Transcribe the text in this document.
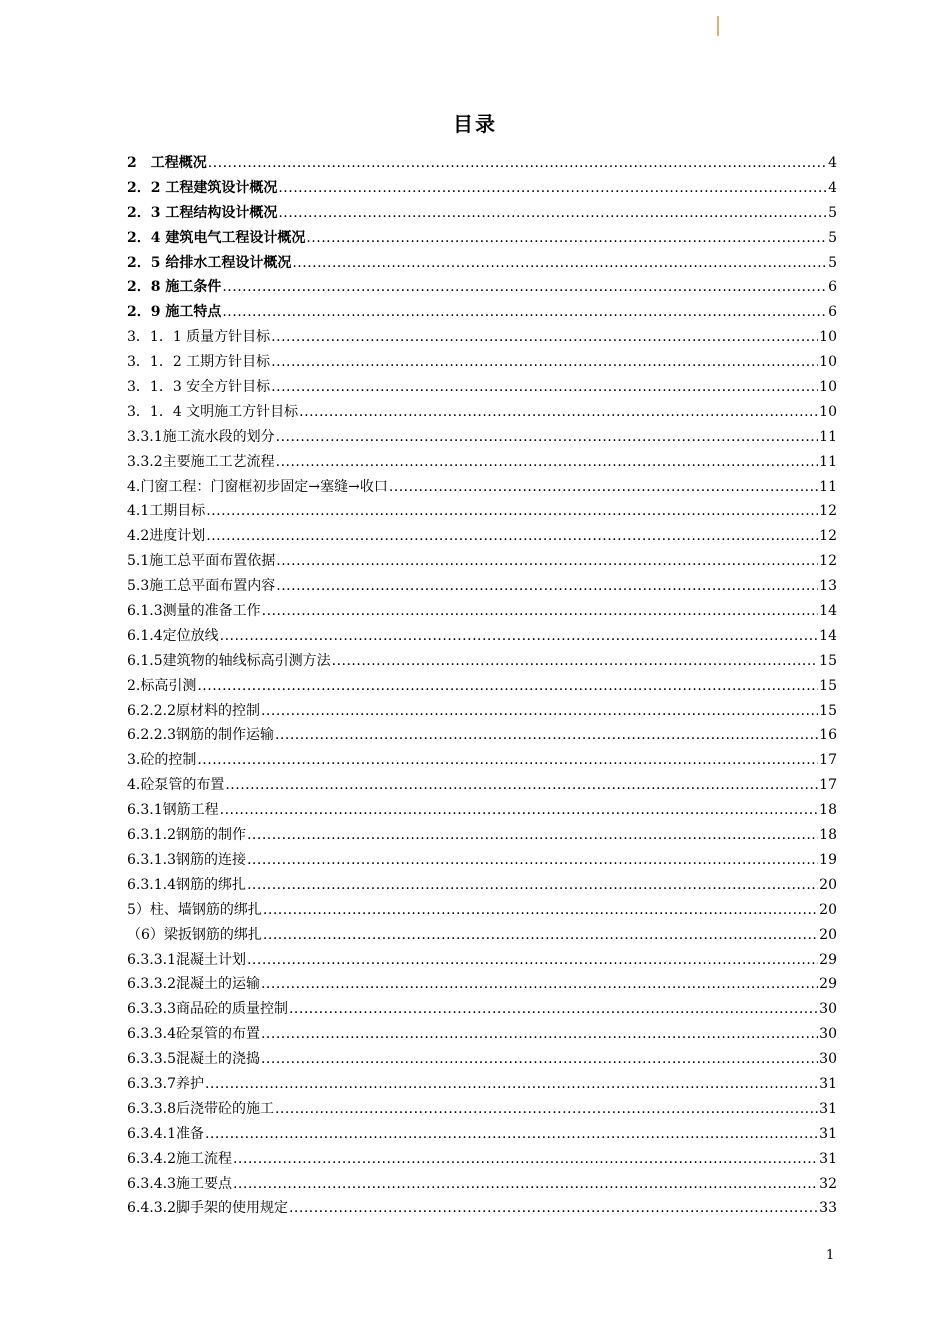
目录
2　工程概况 .....	4
2．2 工程建筑设计概况 .....	4
2．3 工程结构设计概况 .....	5
2．4 建筑电气工程设计概况 .....	5
2．5 给排水工程设计概况 .....	5
2．8 施工条件 .....	6
2．9 施工特点 .....	6
3．1．1 质量方针目标 .....	10
3．1．2 工期方针目标 .....	10
3．1．3 安全方针目标 .....	10
3．1．4 文明施工方针目标 .....	10
3.3.1施工流水段的划分 .....	11
3.3.2主要施工工艺流程 .....	11
4.门窗工程：门窗框初步固定→塞缝→收口 .....	11
4.1工期目标 .....	12
4.2进度计划 .....	12
5.1施工总平面布置依据 .....	12
5.3施工总平面布置内容 .....	13
6.1.3测量的准备工作 .....	14
6.1.4定位放线 .....	14
6.1.5建筑物的轴线标高引测方法 .....	15
2.标高引测 .....	15
6.2.2.2原材料的控制 .....	15
6.2.2.3钢筋的制作运输 .....	16
3.砼的控制 .....	17
4.砼泵管的布置 .....	17
6.3.1钢筋工程 .....	18
6.3.1.2钢筋的制作 .....	18
6.3.1.3钢筋的连接 .....	19
6.3.1.4钢筋的绑扎 .....	20
5）柱、墙钢筋的绑扎 .....	20
（6）梁扳钢筋的绑扎 .....	20
6.3.3.1混凝土计划 .....	29
6.3.3.2混凝土的运输 .....	29
6.3.3.3商品砼的质量控制 .....	30
6.3.3.4砼泵管的布置 .....	30
6.3.3.5混凝土的浇捣 .....	30
6.3.3.7养护 .....	31
6.3.3.8后浇带砼的施工 .....	31
6.3.4.1准备 .....	31
6.3.4.2施工流程 .....	31
6.3.4.3施工要点 .....	32
6.4.3.2脚手架的使用规定 .....	33
1
